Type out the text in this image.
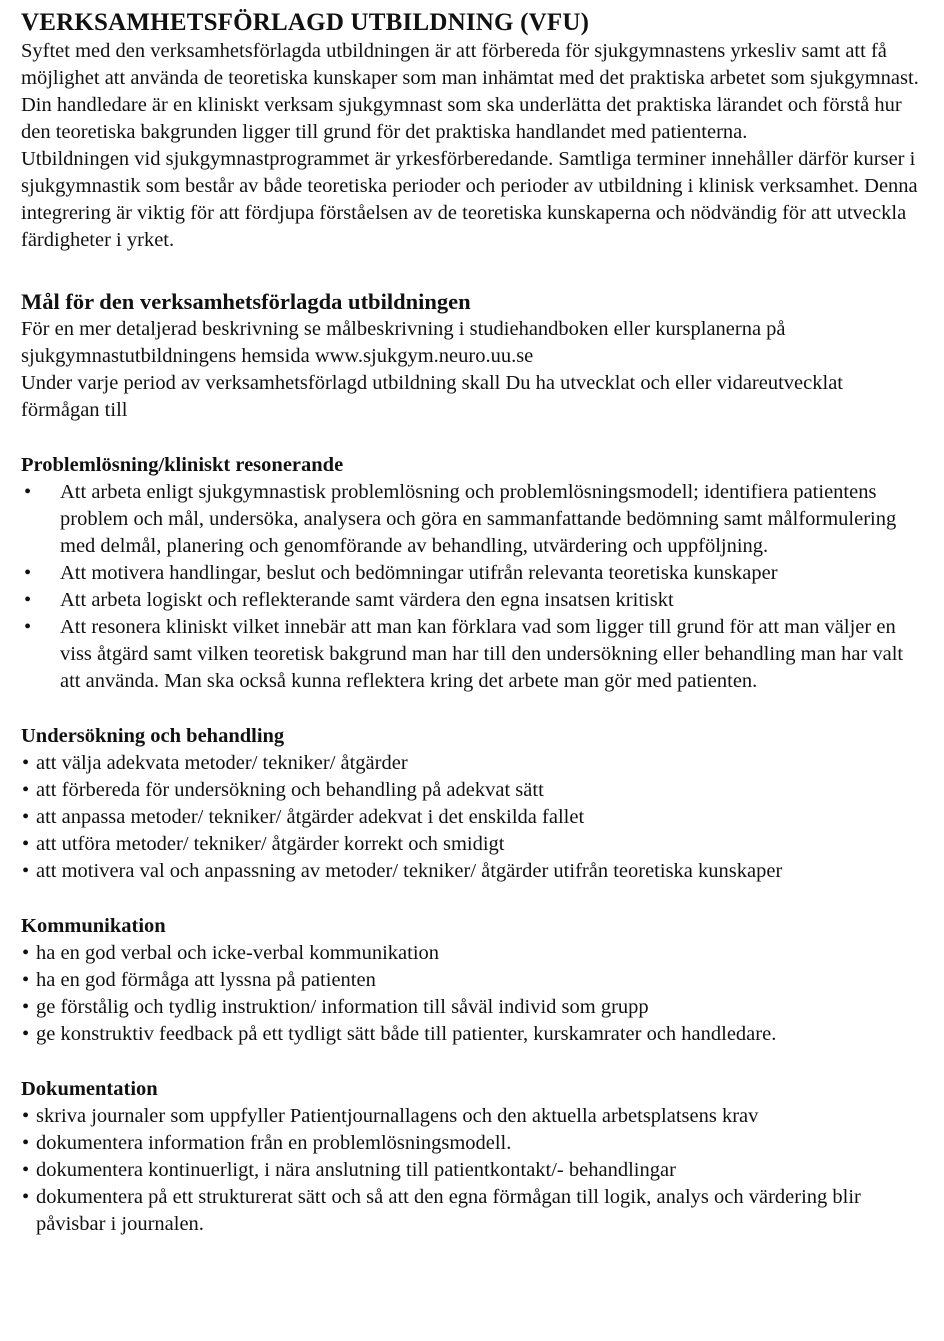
VERKSAMHETSFÖRLAGD UTBILDNING (VFU)

Syftet med den verksamhetsförlagda utbildningen är att förbereda för sjukgymnastens yrkesliv samt att få möjlighet att använda de teoretiska kunskaper som man inhämtat med det praktiska arbetet som sjukgymnast. Din handledare är en kliniskt verksam sjukgymnast som ska underlätta det praktiska lärandet och förstå hur den teoretiska bakgrunden ligger till grund för det praktiska handlandet med patienterna.

Utbildningen vid sjukgymnastprogrammet är yrkesförberedande. Samtliga terminer innehåller därför kurser i sjukgymnastik som består av både teoretiska perioder och perioder av utbildning i klinisk verksamhet. Denna integrering är viktig för att fördjupa förståelsen av de teoretiska kunskaperna och nödvändig för att utveckla färdigheter i yrket.

Mål för den verksamhetsförlagda utbildningen

För en mer detaljerad beskrivning se målbeskrivning i studiehandboken eller kursplanerna på sjukgymnastutbildningens hemsida www.sjukgym.neuro.uu.se

Under varje period av verksamhetsförlagd utbildning skall Du ha utvecklat och eller vidareutvecklat förmågan till

Problemlösning/kliniskt resonerande
• Att arbeta enligt sjukgymnastisk problemlösning och problemlösningsmodell; identifiera patientens problem och mål, undersöka, analysera och göra en sammanfattande bedömning samt målformulering med delmål, planering och genomförande av behandling, utvärdering och uppföljning.
• Att motivera handlingar, beslut och bedömningar utifrån relevanta teoretiska kunskaper
• Att arbeta logiskt och reflekterande samt värdera den egna insatsen kritiskt
• Att resonera kliniskt vilket innebär att man kan förklara vad som ligger till grund för att man väljer en viss åtgärd samt vilken teoretisk bakgrund man har till den undersökning eller behandling man har valt att använda. Man ska också kunna reflektera kring det arbete man gör med patienten.
Undersökning och behandling
• att välja adekvata metoder/ tekniker/ åtgärder
• att förbereda för undersökning och behandling på adekvat sätt
• att anpassa metoder/ tekniker/ åtgärder adekvat i det enskilda fallet
• att utföra metoder/ tekniker/ åtgärder korrekt och smidigt
• att motivera val och anpassning av metoder/ tekniker/ åtgärder utifrån teoretiska kunskaper
Kommunikation
• ha en god verbal och icke-verbal kommunikation
• ha en god förmåga att lyssna på patienten
• ge förstålig och tydlig instruktion/ information till såväl individ som grupp
• ge konstruktiv feedback på ett tydligt sätt både till patienter, kurskamrater och handledare.
Dokumentation
• skriva journaler som uppfyller Patientjournallagens och den aktuella arbetsplatsens krav
• dokumentera information från en problemlösningsmodell.
• dokumentera kontinuerligt, i nära anslutning till patientkontakt/- behandlingar
• dokumentera på ett strukturerat sätt och så att den egna förmågan till logik, analys och värdering blir påvisbar i journalen.
